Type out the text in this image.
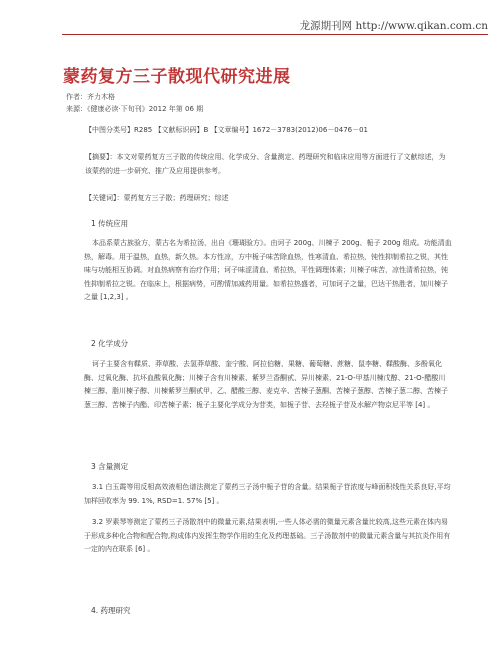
龙源期刊网 http://www.qikan.com.cn
蒙药复方三子散现代研究进展
作者：齐力木格
来源：《健康必读·下旬刊》2012 年第 06 期

【中图分类号】R285 【文献标识码】B 【文章编号】1672－3783(2012)06－0476－01

【摘要】：本文对蒙药复方三子散的传统应用、化学成分、含量测定、药理研究和临床应用等方面进行了文献综述，为该蒙药的进一步研究、推广及应用提供参考。

【关键词】：蒙药复方三子散；药理研究；综述

1 传统应用

本品系蒙古族验方，蒙古名为希拉汤，出自《珊瑚验方》。由诃子 200g、川楝子 200g、栀子 200g 组成。功能清血热，解毒。用于温热，血热，新久热。本方性凉，方中栀子味苦除血热，性寒清血、希拉热，钝性抑制希拉之锐，其性味与功能相互协调。对血热病察有治疗作用；诃子味涩清血、希拉热，平性调理体素；川楝子味苦，凉性清希拉热，钝性抑制希拉之锐。在临床上，根据病势，可酌情加减药用量。如希拉热盛者，可加诃子之量，巴达干热胜者，加川楝子之量 [1,2,3] 。

2 化学成分

诃子主要含有鞣质、莽草酸、去氢莽草酸、奎宁酸、阿拉伯糖、果糖、葡萄糖、蔗糖、鼠李糖、鞣酸酶、多酚氧化酶、过氧化酶、抗坏血酸氧化酶；川楝子含有川楝素、紫罗兰香酮甙、异川楝素、21-O-甲基川楝戊醇、21-O-醋酸川楝三醇、脂川楝子醇、川楝紫罗兰酮甙甲、乙、醋酸三醇、麦克辛、苦楝子葱酮、苦楝子葱醇、苦楝子葱二醇、苦楝子葱三醇、苦楝子内酯、印苦楝子素；栀子主要化学成分为苷类，如栀子苷、去羟栀子苷及水解产物京尼平等 [4] 。

3 含量测定

3.1 白玉霞等用反相高效液相色谱法测定了蒙药三子汤中栀子苷的含量。结果栀子苷浓度与峰面积线性关系良好,平均加样回收率为 99. 1%, RSD=1. 57% [5] 。

3.2 罗素琴等测定了蒙药三子汤散剂中的微量元素,结果表明,一些人体必需的微量元素含量比较高,这些元素在体内易于形成多种化合物和配合物,构成体内发挥生物学作用的生化及药理基础。三子汤散剂中的微量元素含量与其抗炎作用有一定的内在联系 [6] 。

4. 药理研究
